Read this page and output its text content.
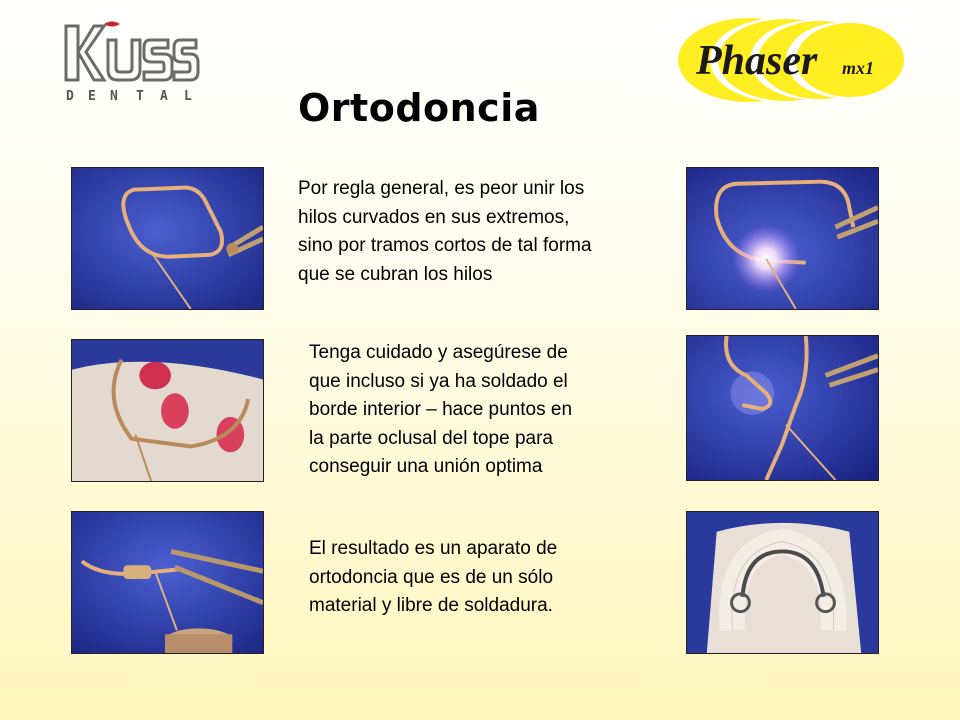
D E N T A L
Phaser mx1
Ortodoncia
Por regla general, es peor unir los
hilos curvados en sus extremos,
sino por tramos cortos de tal forma
que se cubran los hilos
Tenga cuidado y asegúrese de
que incluso si ya ha soldado el
borde interior – hace puntos en
la parte oclusal del tope para
conseguir una unión optima
El resultado es un aparato de
ortodoncia que es de un sólo
material y libre de soldadura.
